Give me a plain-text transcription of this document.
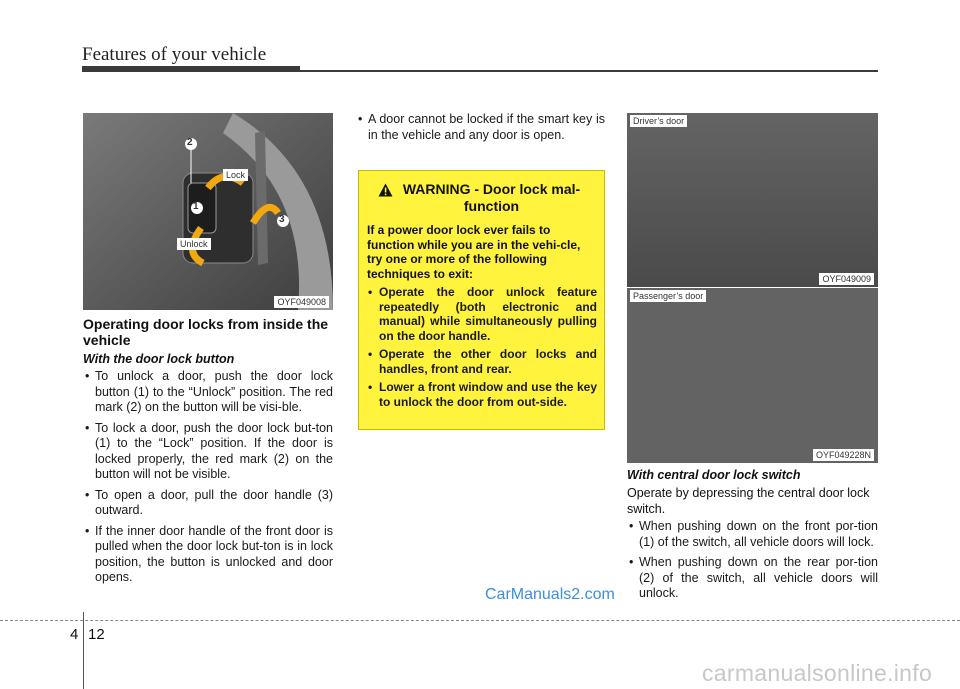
Features of your vehicle
2
1
3
Lock
Unlock
OYF049008
Operating door locks from inside the vehicle
With the door lock button
• To unlock a door, push the door lock button (1) to the “Unlock” position. The red mark (2) on the button will be visi-ble.
• To lock a door, push the door lock but-ton (1) to the “Lock” position. If the door is locked properly, the red mark (2) on the button will not be visible.
• To open a door, pull the door handle (3) outward.
• If the inner door handle of the front door is pulled when the door lock but-ton is in lock position, the button is unlocked and door opens.
• A door cannot be locked if the smart key is in the vehicle and any door is open.
WARNING - Door lock mal-function
If a power door lock ever fails to function while you are in the vehi-cle, try one or more of the following techniques to exit:
• Operate the door unlock feature repeatedly (both electronic and manual) while simultaneously pulling on the door handle.
• Operate the other door locks and handles, front and rear.
• Lower a front window and use the key to unlock the door from out-side.
Driver’s door
OYF049009
Passenger’s door
OYF049228N
With central door lock switch
Operate by depressing the central door lock switch.
• When pushing down on the front por-tion (1) of the switch, all vehicle doors will lock.
• When pushing down on the rear por-tion (2) of the switch, all vehicle doors will unlock.
CarManuals2.com
4 12
carmanualsonline.info
